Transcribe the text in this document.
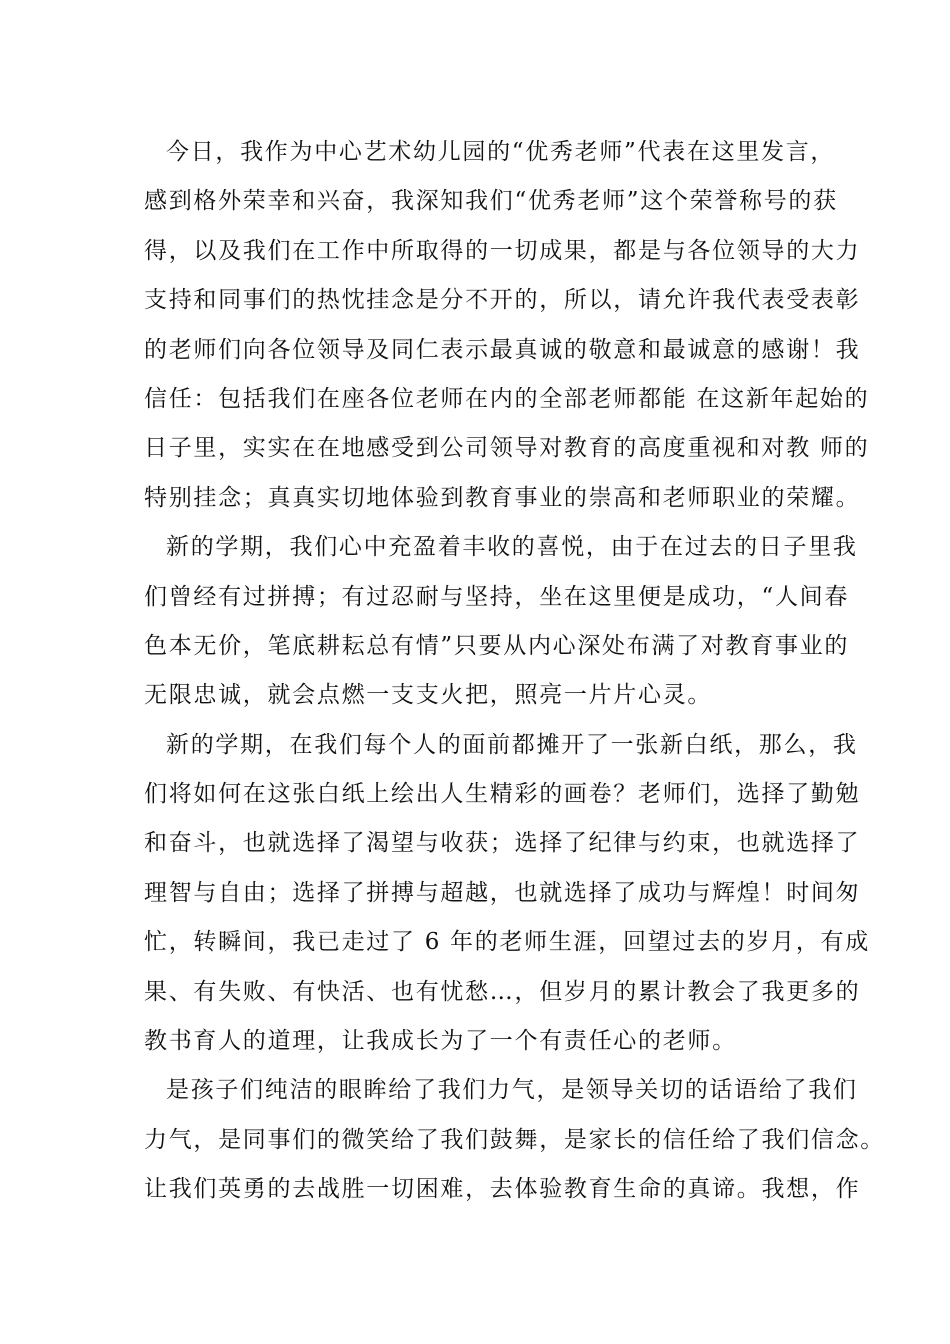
今日，我作为中心艺术幼儿园的“优秀老师”代表在这里发言，
感到格外荣幸和兴奋，我深知我们“优秀老师”这个荣誉称号的获
得，以及我们在工作中所取得的一切成果，都是与各位领导的大力
支持和同事们的热忱挂念是分不开的，所以，请允许我代表受表彰
的老师们向各位领导及同仁表示最真诚的敬意和最诚意的感谢！我
信任：包括我们在座各位老师在内的全部老师都能 在这新年起始的
日子里，实实在在地感受到公司领导对教育的高度重视和对教 师的
特别挂念；真真实切地体验到教育事业的崇高和老师职业的荣耀。
新的学期，我们心中充盈着丰收的喜悦，由于在过去的日子里我
们曾经有过拼搏；有过忍耐与坚持，坐在这里便是成功，“人间春
色本无价，笔底耕耘总有情”只要从内心深处布满了对教育事业的
无限忠诚，就会点燃一支支火把，照亮一片片心灵。
新的学期，在我们每个人的面前都摊开了一张新白纸，那么，我
们将如何在这张白纸上绘出人生精彩的画卷？老师们，选择了勤勉
和奋斗，也就选择了渴望与收获；选择了纪律与约束，也就选择了
理智与自由；选择了拼搏与超越，也就选择了成功与辉煌！时间匆
忙，转瞬间，我已走过了 6 年的老师生涯，回望过去的岁月，有成
果、有失败、有快活、也有忧愁…，但岁月的累计教会了我更多的
教书育人的道理，让我成长为了一个有责任心的老师。
是孩子们纯洁的眼眸给了我们力气，是领导关切的话语给了我们
力气，是同事们的微笑给了我们鼓舞，是家长的信任给了我们信念。
让我们英勇的去战胜一切困难，去体验教育生命的真谛。我想，作
